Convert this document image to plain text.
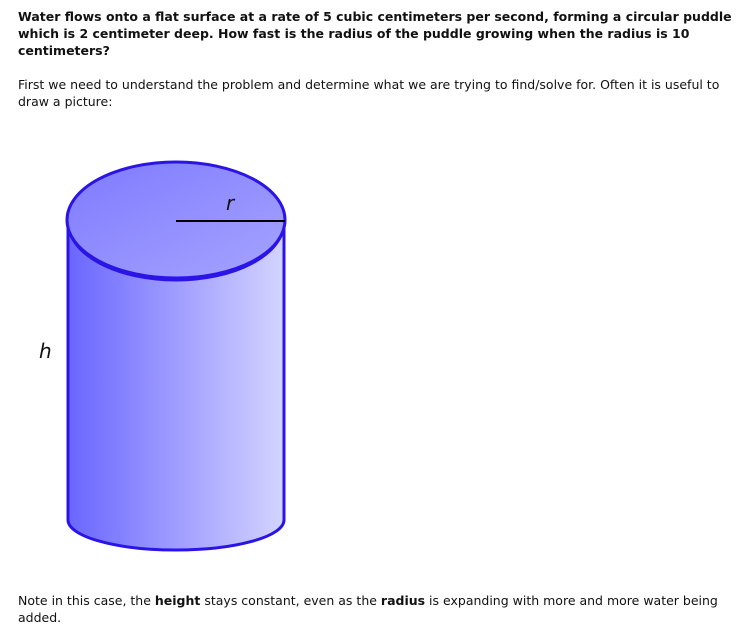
Water flows onto a flat surface at a rate of 5 cubic centimeters per second, forming a circular puddle which is 2 centimeter deep. How fast is the radius of the puddle growing when the radius is 10 centimeters?
First we need to understand the problem and determine what we are trying to find/solve for. Often it is useful to draw a picture:
r
h
Note in this case, the height stays constant, even as the radius is expanding with more and more water being added.
